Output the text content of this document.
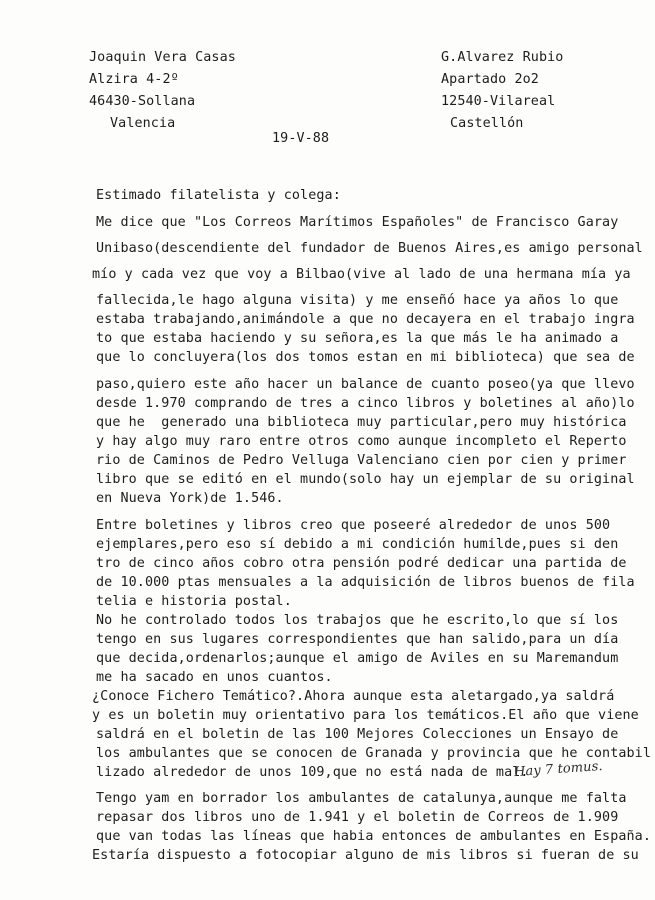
Joaquin Vera Casas
Alzira 4-2º
46430-Sollana
Valencia
G.Alvarez Rubio
Apartado 2o2
12540-Vilareal
Castellón
19-V-88
Estimado filatelista y colega:
Me dice que "Los Correos Marítimos Españoles" de Francisco Garay
Unibaso(descendiente del fundador de Buenos Aires,es amigo personal
mío y cada vez que voy a Bilbao(vive al lado de una hermana mía ya
fallecida,le hago alguna visita) y me enseñó hace ya años lo que
estaba trabajando,animándole a que no decayera en el trabajo ingra
to que estaba haciendo y su señora,es la que más le ha animado a
que lo concluyera(los dos tomos estan en mi biblioteca) que sea de
paso,quiero este año hacer un balance de cuanto poseo(ya que llevo
desde 1.970 comprando de tres a cinco libros y boletines al año)lo
que he  generado una biblioteca muy particular,pero muy histórica
y hay algo muy raro entre otros como aunque incompleto el Reperto
rio de Caminos de Pedro Velluga Valenciano cien por cien y primer
libro que se editó en el mundo(solo hay un ejemplar de su original
en Nueva York)de 1.546.
Entre boletines y libros creo que poseeré alrededor de unos 500
ejemplares,pero eso sí debido a mi condición humilde,pues si den
tro de cinco años cobro otra pensión podré dedicar una partida de
de 10.000 ptas mensuales a la adquisición de libros buenos de fila
telia e historia postal.
No he controlado todos los trabajos que he escrito,lo que sí los
tengo en sus lugares correspondientes que han salido,para un día
que decida,ordenarlos;aunque el amigo de Aviles en su Maremandum
me ha sacado en unos cuantos.
¿Conoce Fichero Temático?.Ahora aunque esta aletargado,ya saldrá
y es un boletin muy orientativo para los temáticos.El año que viene
saldrá en el boletin de las 100 Mejores Colecciones un Ensayo de
los ambulantes que se conocen de Granada y provincia que he contabil
lizado alrededor de unos 109,que no está nada de mal.
Hay 7 tomus.
Tengo yam en borrador los ambulantes de catalunya,aunque me falta
repasar dos libros uno de 1.941 y el boletin de Correos de 1.909
que van todas las líneas que habia entonces de ambulantes en España.
Estaría dispuesto a fotocopiar alguno de mis libros si fueran de su
